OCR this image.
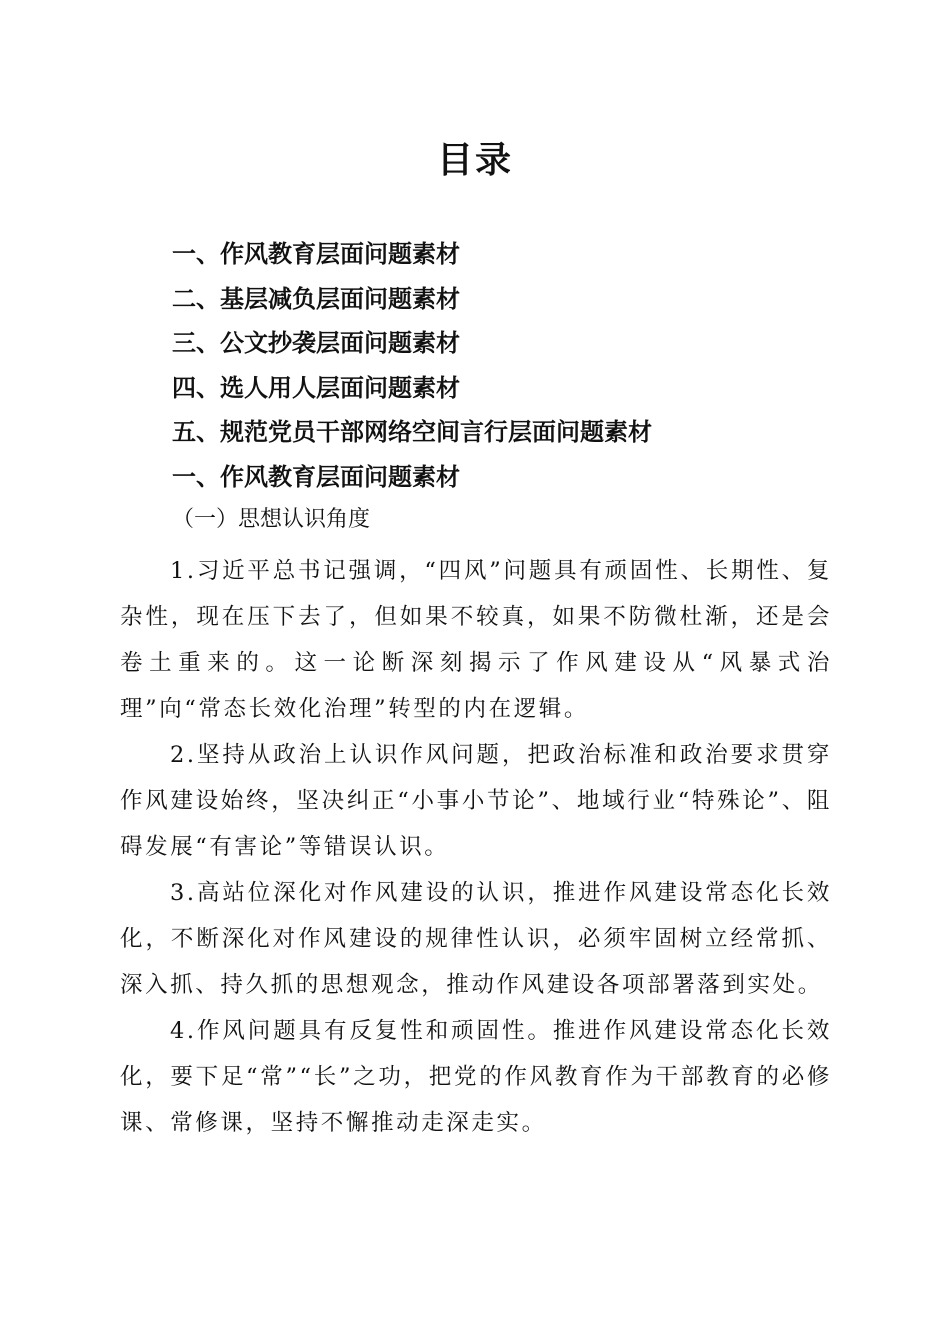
目录
一、作风教育层面问题素材
二、基层减负层面问题素材
三、公文抄袭层面问题素材
四、选人用人层面问题素材
五、规范党员干部网络空间言行层面问题素材
一、作风教育层面问题素材
（一）思想认识角度

1.习近平总书记强调，“四风”问题具有顽固性、长期性、复杂性，现在压下去了，但如果不较真，如果不防微杜渐，还是会卷土重来的。这一论断深刻揭示了作风建设从“风暴式治理”向“常态长效化治理”转型的内在逻辑。

2.坚持从政治上认识作风问题，把政治标准和政治要求贯穿作风建设始终，坚决纠正“小事小节论”、地域行业“特殊论”、阻碍发展“有害论”等错误认识。

3.高站位深化对作风建设的认识，推进作风建设常态化长效化，不断深化对作风建设的规律性认识，必须牢固树立经常抓、深入抓、持久抓的思想观念，推动作风建设各项部署落到实处。

4.作风问题具有反复性和顽固性。推进作风建设常态化长效化，要下足“常”“长”之功，把党的作风教育作为干部教育的必修课、常修课，坚持不懈推动走深走实。
